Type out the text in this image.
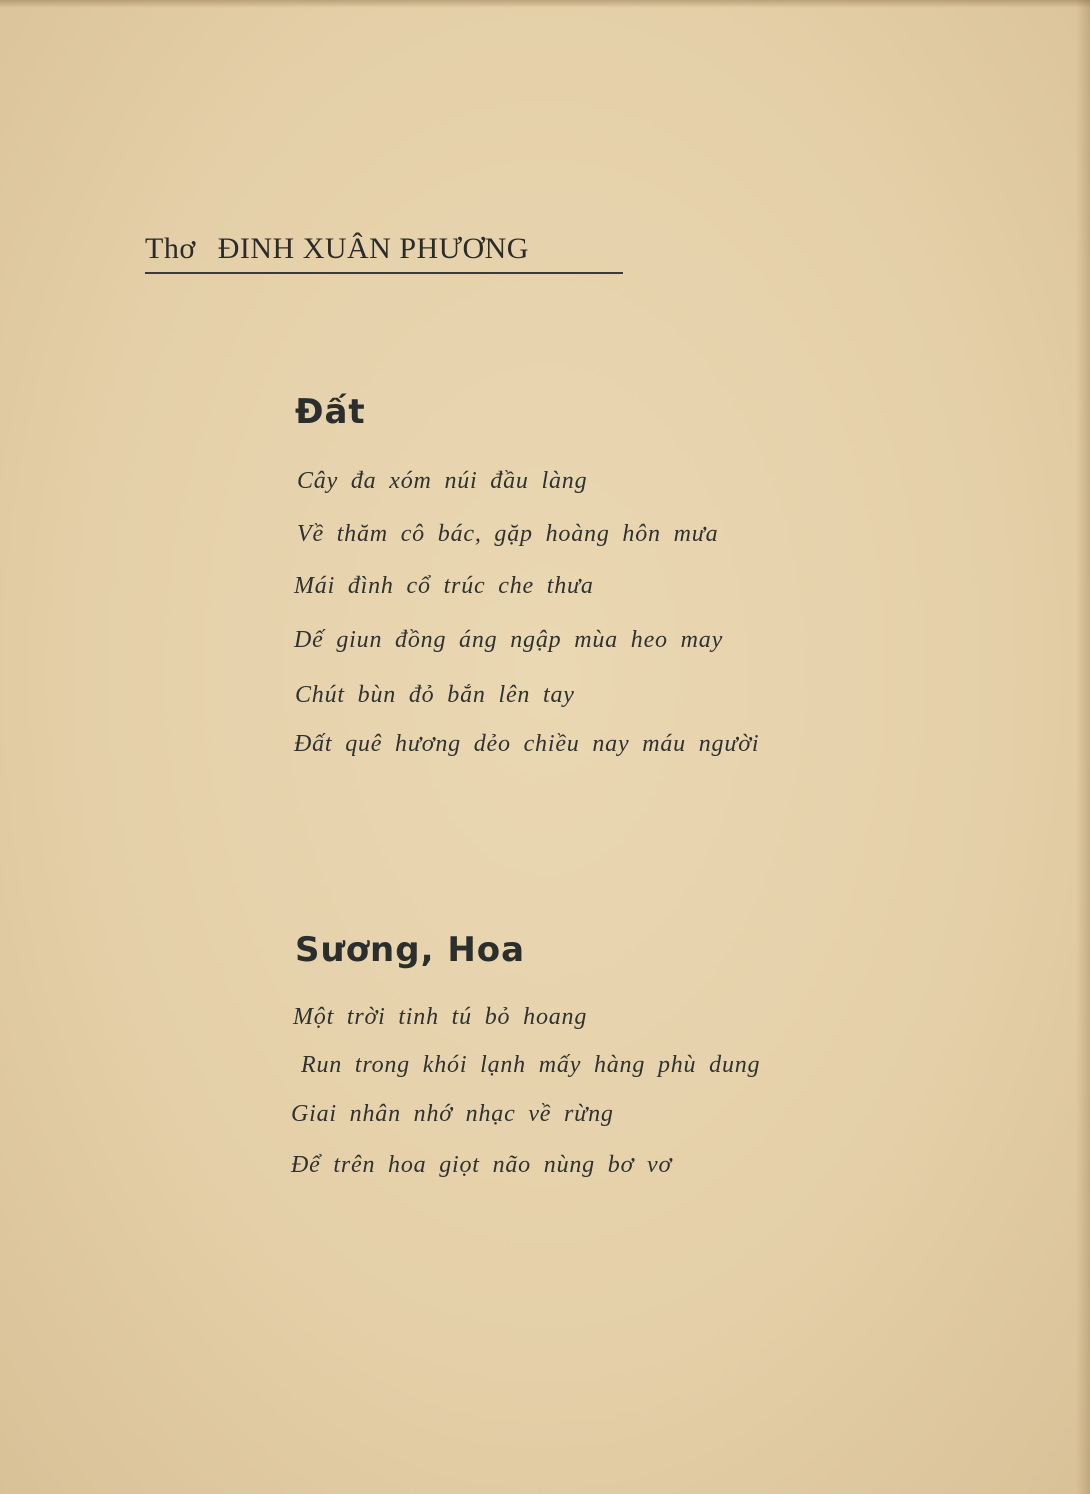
Thơ ĐINH XUÂN PHƯƠNG
Đất
Cây đa xóm núi đầu làng
Về thăm cô bác, gặp hoàng hôn mưa
Mái đình cổ trúc che thưa
Dế giun đồng áng ngập mùa heo may
Chút bùn đỏ bắn lên tay
Đất quê hương dẻo chiều nay máu người
Sương, Hoa
Một trời tinh tú bỏ hoang
Run trong khói lạnh mấy hàng phù dung
Giai nhân nhớ nhạc về rừng
Để trên hoa giọt não nùng bơ vơ
